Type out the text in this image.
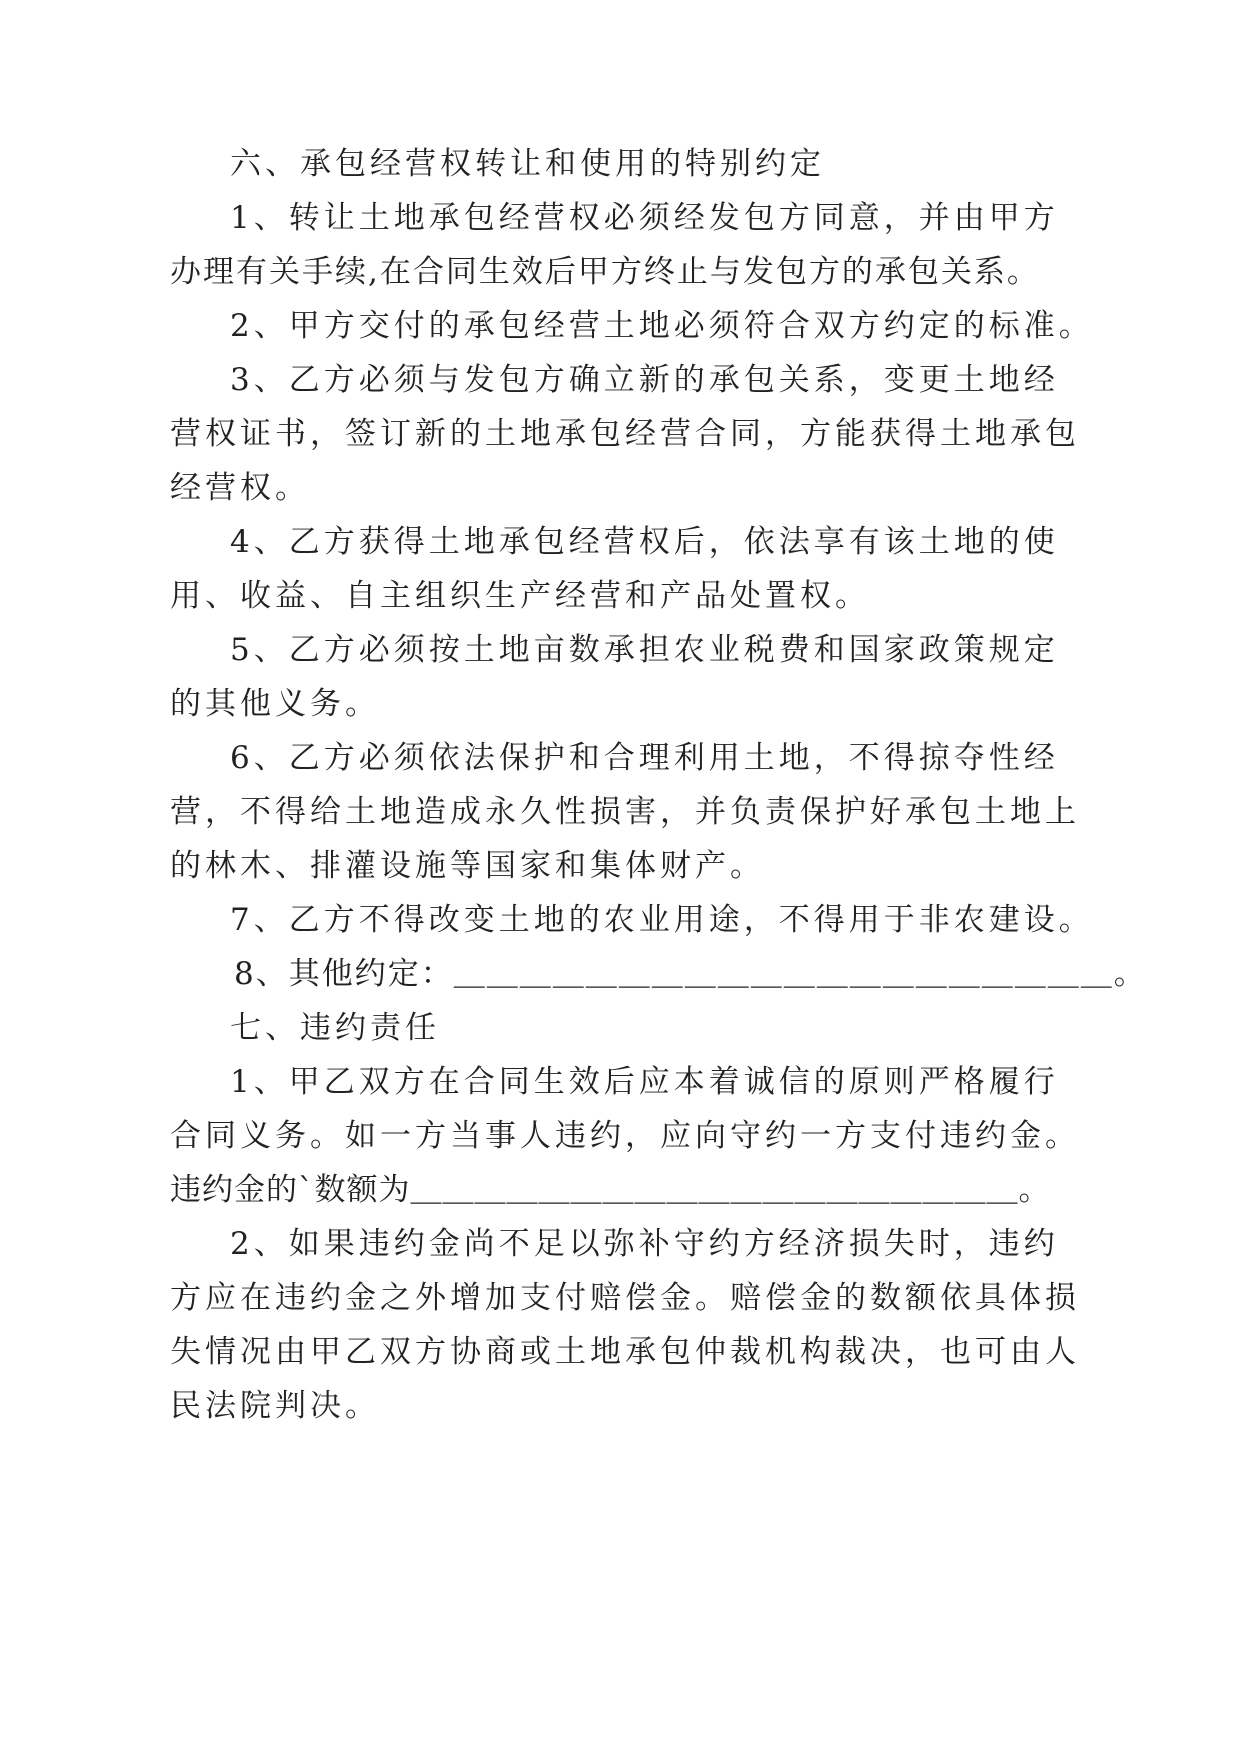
六、承包经营权转让和使用的特别约定

1、转让土地承包经营权必须经发包方同意，并由甲方

办理有关手续,在合同生效后甲方终止与发包方的承包关系。

2、甲方交付的承包经营土地必须符合双方约定的标准。

3、乙方必须与发包方确立新的承包关系，变更土地经

营权证书，签订新的土地承包经营合同，方能获得土地承包

经营权。

4、乙方获得土地承包经营权后，依法享有该土地的使

用、收益、自主组织生产经营和产品处置权。

5、乙方必须按土地亩数承担农业税费和国家政策规定

的其他义务。

6、乙方必须依法保护和合理利用土地，不得掠夺性经

营，不得给土地造成永久性损害，并负责保护好承包土地上

的林木、排灌设施等国家和集体财产。

7、乙方不得改变土地的农业用途，不得用于非农建设。

8、其他约定：＿＿＿＿＿＿＿＿＿＿＿＿＿＿＿＿＿＿＿＿。

七、违约责任

1、甲乙双方在合同生效后应本着诚信的原则严格履行

合同义务。如一方当事人违约，应向守约一方支付违约金。

违约金的`数额为＿＿＿＿＿＿＿＿＿＿＿＿＿＿＿＿＿＿＿。

2、如果违约金尚不足以弥补守约方经济损失时，违约

方应在违约金之外增加支付赔偿金。赔偿金的数额依具体损

失情况由甲乙双方协商或土地承包仲裁机构裁决，也可由人

民法院判决。
